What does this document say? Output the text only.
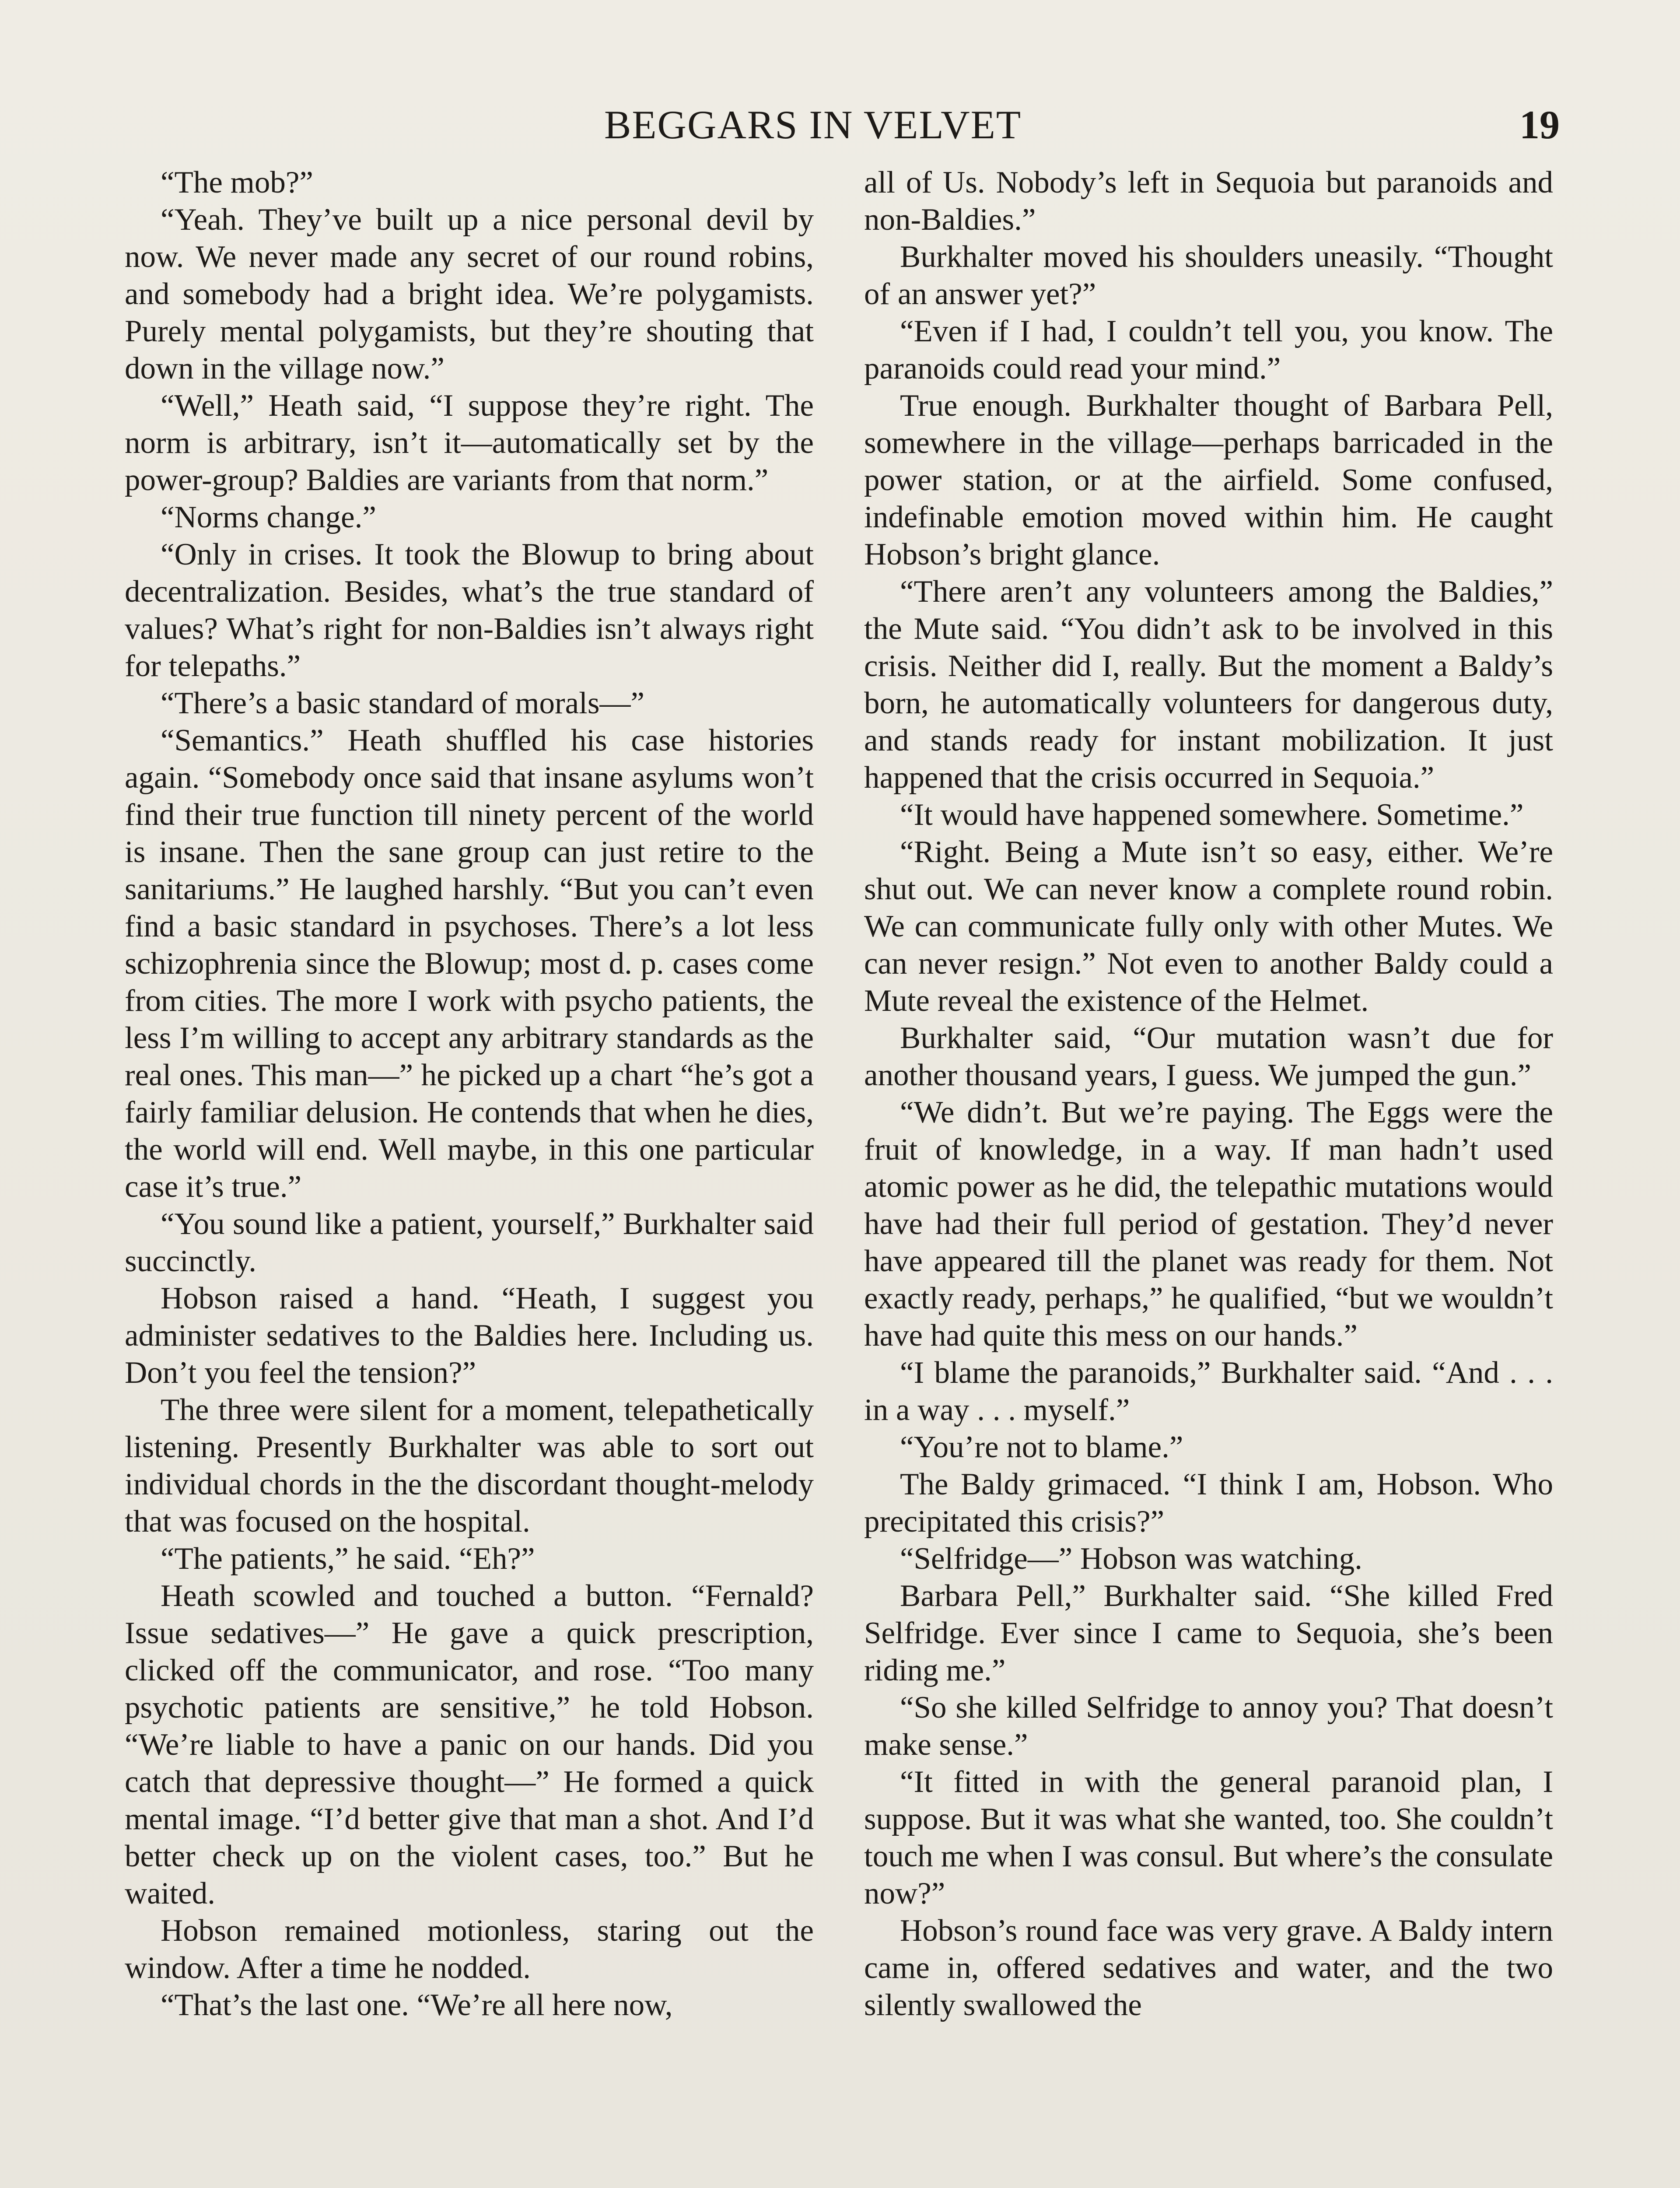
BEGGARS IN VELVET	19

“The mob?”

“Yeah. They’ve built up a nice personal devil by now. We never made any secret of our round robins, and somebody had a bright idea. We’re polygamists. Purely mental polygamists, but they’re shouting that down in the village now.”

“Well,” Heath said, “I suppose they’re right. The norm is arbitrary, isn’t it—automatically set by the power-group? Baldies are variants from that norm.”

“Norms change.”

“Only in crises. It took the Blowup to bring about decentralization. Besides, what’s the true standard of values? What’s right for non-Baldies isn’t always right for telepaths.”

“There’s a basic standard of morals—”

“Semantics.” Heath shuffled his case histories again. “Somebody once said that insane asylums won’t find their true function till ninety percent of the world is insane. Then the sane group can just retire to the sanitariums.” He laughed harshly. “But you can’t even find a basic standard in psychoses. There’s a lot less schizophrenia since the Blowup; most d. p. cases come from cities. The more I work with psycho patients, the less I’m willing to accept any arbitrary standards as the real ones. This man—” he picked up a chart “he’s got a fairly familiar delusion. He contends that when he dies, the world will end. Well maybe, in this one particular case it’s true.”

“You sound like a patient, yourself,” Burkhalter said succinctly.

Hobson raised a hand. “Heath, I suggest you administer sedatives to the Baldies here. Including us. Don’t you feel the tension?”

The three were silent for a moment, telepathetically listening. Presently Burkhalter was able to sort out individual chords in the the discordant thought-melody that was focused on the hospital.

“The patients,” he said. “Eh?”

Heath scowled and touched a button. “Fernald? Issue sedatives—” He gave a quick prescription, clicked off the communicator, and rose. “Too many psychotic patients are sensitive,” he told Hobson. “We’re liable to have a panic on our hands. Did you catch that depressive thought—” He formed a quick mental image. “I’d better give that man a shot. And I’d better check up on the violent cases, too.” But he waited.

Hobson remained motionless, staring out the window. After a time he nodded.

“That’s the last one. “We’re all here now,

all of Us. Nobody’s left in Sequoia but paranoids and non-Baldies.”

Burkhalter moved his shoulders uneasily. “Thought of an answer yet?”

“Even if I had, I couldn’t tell you, you know. The paranoids could read your mind.”

True enough. Burkhalter thought of Barbara Pell, somewhere in the village—perhaps barricaded in the power station, or at the airfield. Some confused, indefinable emotion moved within him. He caught Hobson’s bright glance.

“There aren’t any volunteers among the Baldies,” the Mute said. “You didn’t ask to be involved in this crisis. Neither did I, really. But the moment a Baldy’s born, he automatically volunteers for dangerous duty, and stands ready for instant mobilization. It just happened that the crisis occurred in Sequoia.”

“It would have happened somewhere. Sometime.”

“Right. Being a Mute isn’t so easy, either. We’re shut out. We can never know a complete round robin. We can communicate fully only with other Mutes. We can never resign.” Not even to another Baldy could a Mute reveal the existence of the Helmet.

Burkhalter said, “Our mutation wasn’t due for another thousand years, I guess. We jumped the gun.”

“We didn’t. But we’re paying. The Eggs were the fruit of knowledge, in a way. If man hadn’t used atomic power as he did, the telepathic mutations would have had their full period of gestation. They’d never have appeared till the planet was ready for them. Not exactly ready, perhaps,” he qualified, “but we wouldn’t have had quite this mess on our hands.”

“I blame the paranoids,” Burkhalter said. “And . . . in a way . . . myself.”

“You’re not to blame.”

The Baldy grimaced. “I think I am, Hobson. Who precipitated this crisis?”

“Selfridge—” Hobson was watching.

Barbara Pell,” Burkhalter said. “She killed Fred Selfridge. Ever since I came to Sequoia, she’s been riding me.”

“So she killed Selfridge to annoy you? That doesn’t make sense.”

“It fitted in with the general paranoid plan, I suppose. But it was what she wanted, too. She couldn’t touch me when I was consul. But where’s the consulate now?”

Hobson’s round face was very grave. A Baldy intern came in, offered sedatives and water, and the two silently swallowed the
